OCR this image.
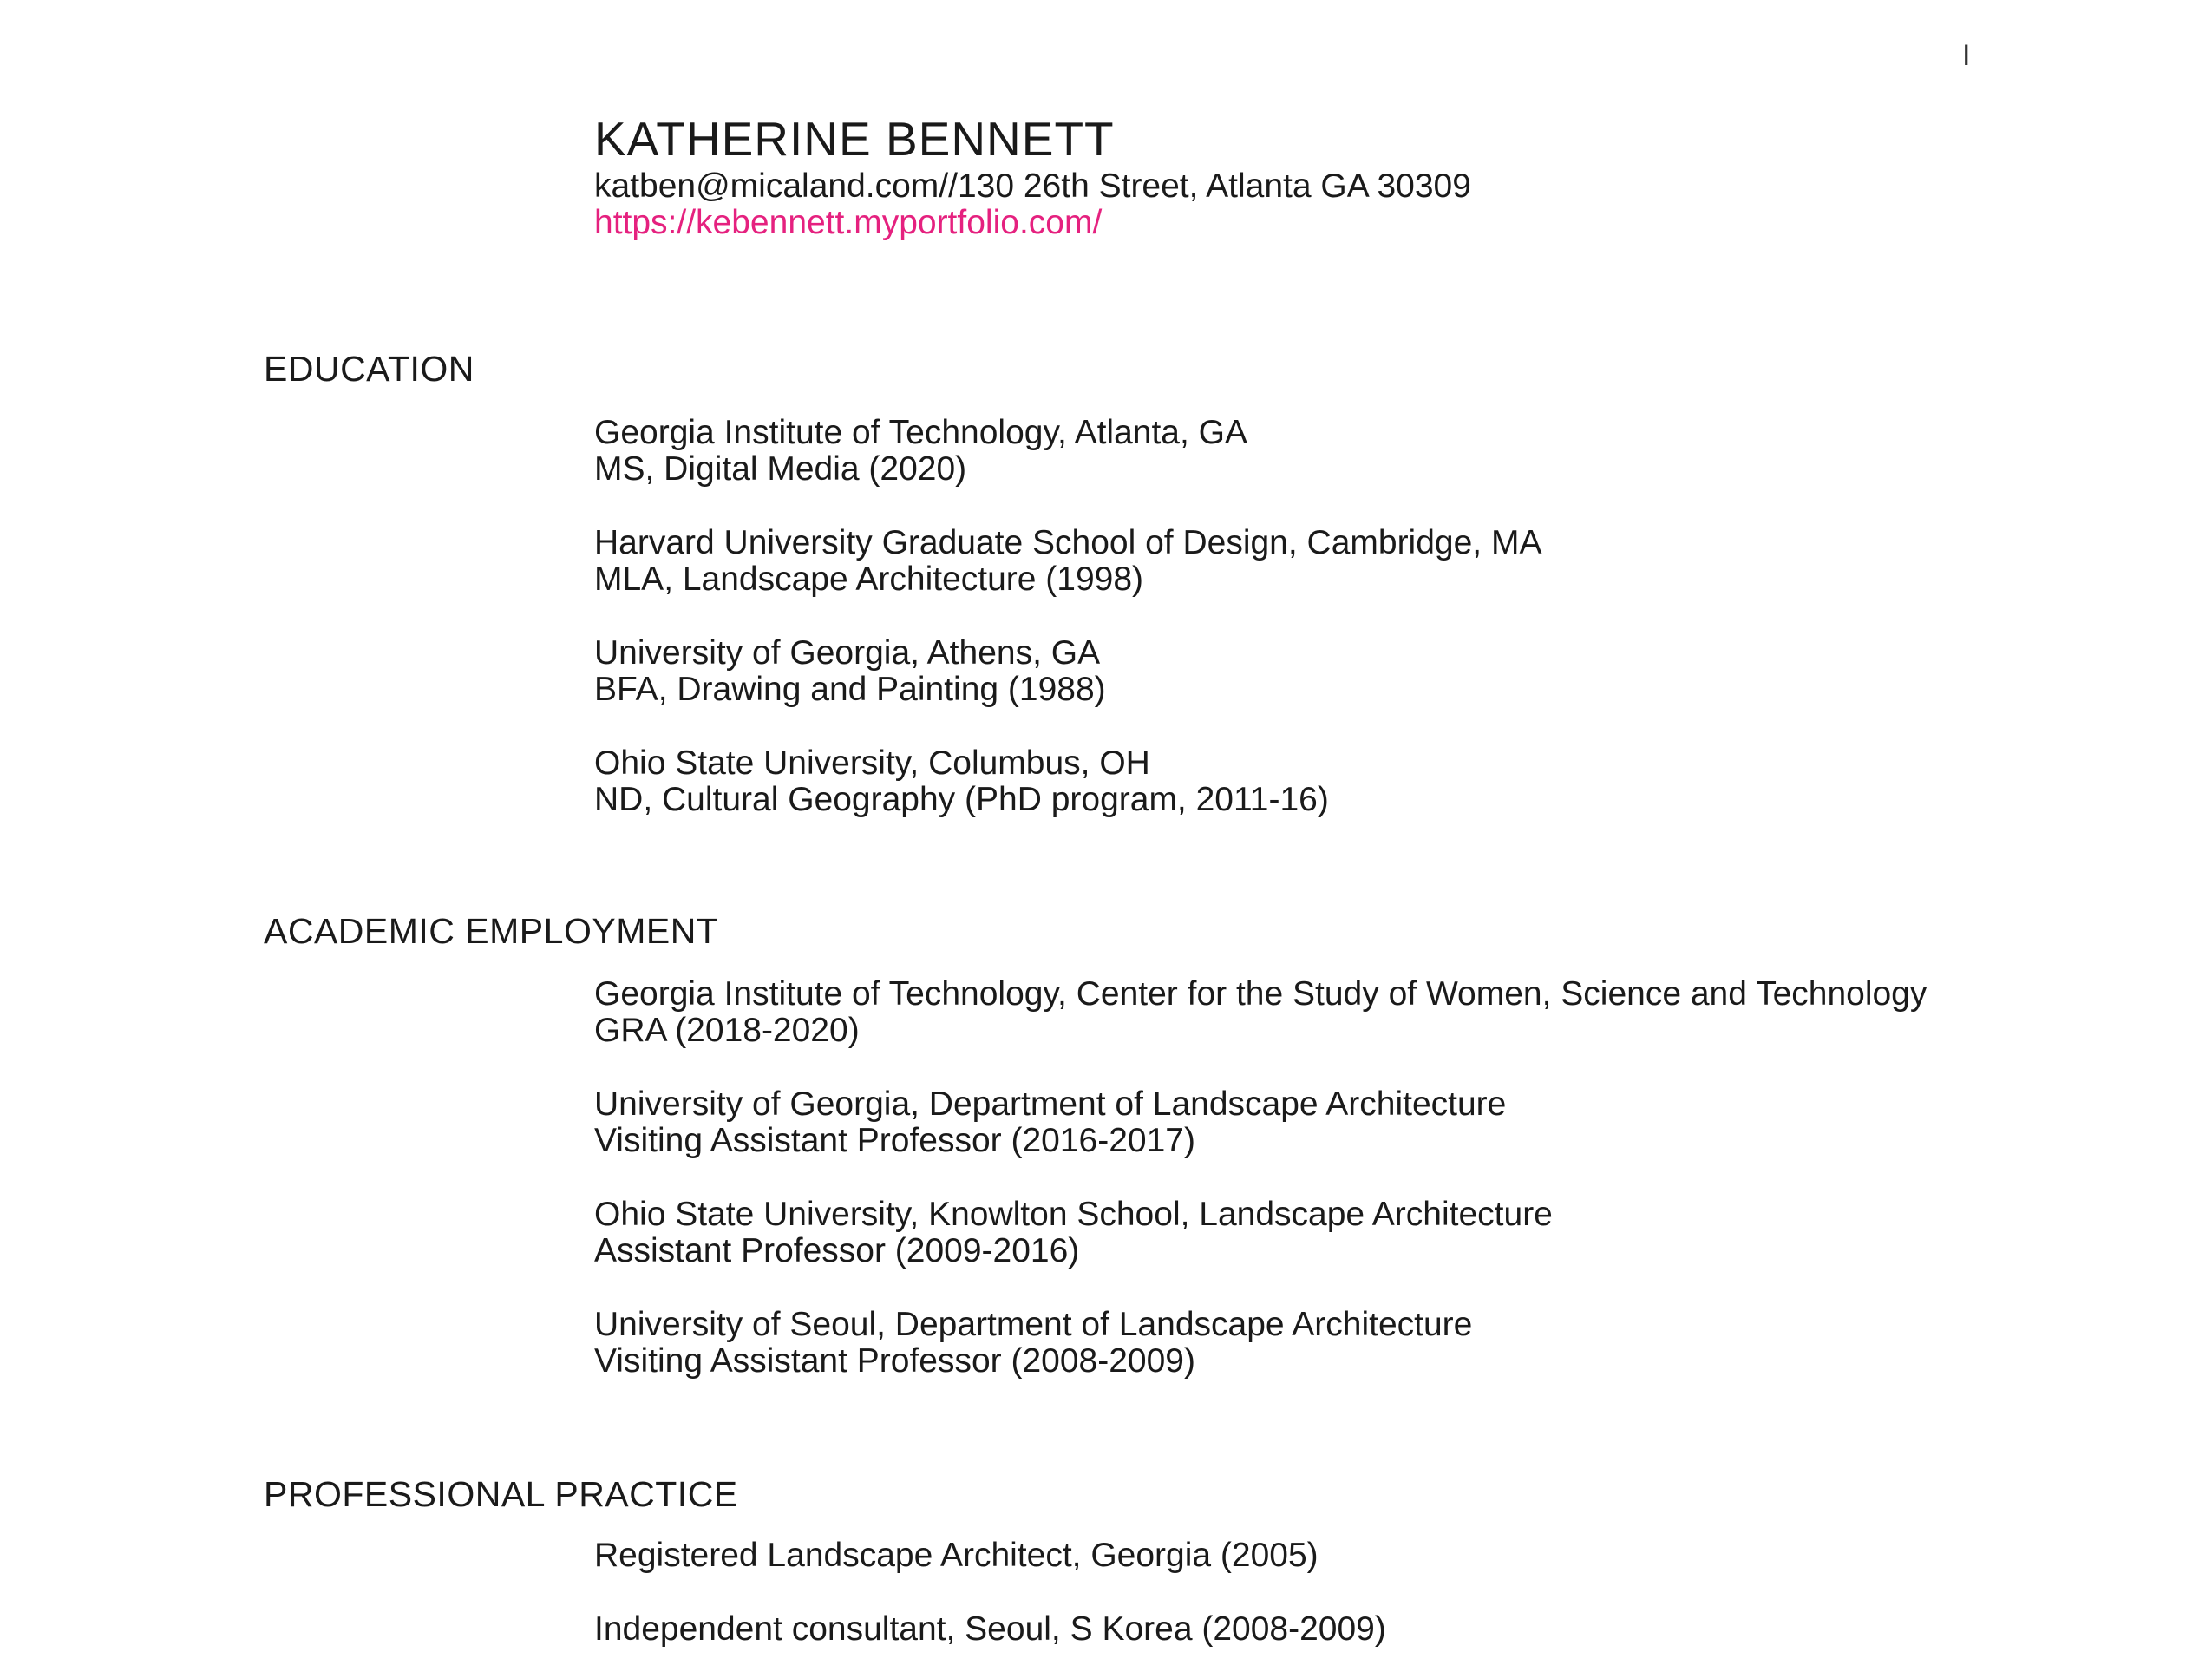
I
KATHERINE BENNETT
katben@micaland.com//130 26th Street, Atlanta GA 30309
https://kebennett.myportfolio.com/
EDUCATION
Georgia Institute of Technology, Atlanta, GA
MS, Digital Media (2020)
Harvard University Graduate School of Design, Cambridge, MA
MLA, Landscape Architecture (1998)
University of Georgia, Athens, GA
BFA, Drawing and Painting (1988)
Ohio State University, Columbus, OH
ND, Cultural Geography (PhD program, 2011-16)
ACADEMIC EMPLOYMENT
Georgia Institute of Technology, Center for the Study of Women, Science and Technology
GRA (2018-2020)
University of Georgia, Department of Landscape Architecture
Visiting Assistant Professor (2016-2017)
Ohio State University, Knowlton School, Landscape Architecture
Assistant Professor (2009-2016)
University of Seoul, Department of Landscape Architecture
Visiting Assistant Professor (2008-2009)
PROFESSIONAL PRACTICE
Registered Landscape Architect, Georgia (2005)
Independent consultant, Seoul, S Korea (2008-2009)
